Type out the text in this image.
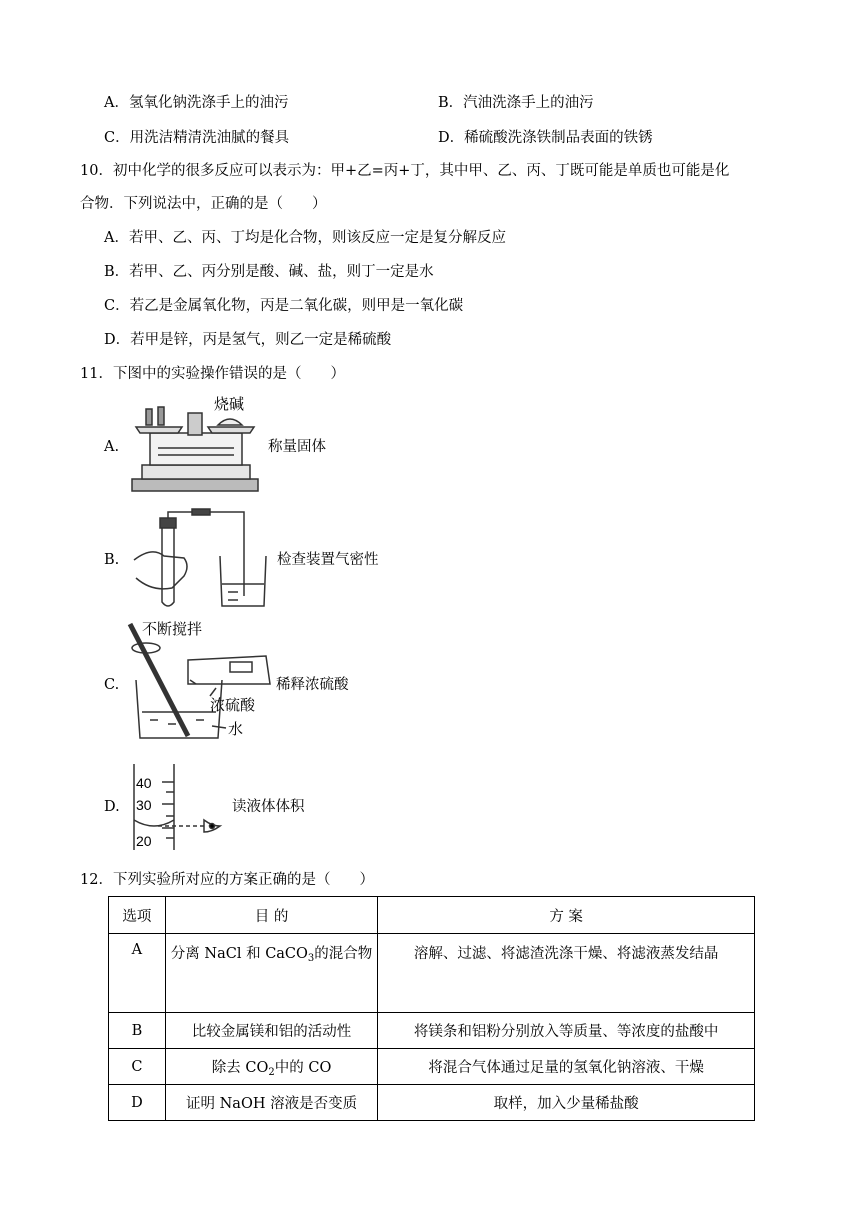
A．氢氧化钠洗涤手上的油污	B．汽油洗涤手上的油污
C．用洗洁精清洗油腻的餐具	D．稀硫酸洗涤铁制品表面的铁锈
10．初中化学的很多反应可以表示为：甲+乙=丙+丁，其中甲、乙、丙、丁既可能是单质也可能是化
合物．下列说法中，正确的是（　　）
A．若甲、乙、丙、丁均是化合物，则该反应一定是复分解反应
B．若甲、乙、丙分别是酸、碱、盐，则丁一定是水
C．若乙是金属氧化物，丙是二氧化碳，则甲是一氧化碳
D．若甲是锌，丙是氢气，则乙一定是稀硫酸
11．下图中的实验操作错误的是（　　）
A.
烧碱
称量固体
B.	检查装置气密性
C.
不断搅拌
浓硫酸
水
稀释浓硫酸
D.
40
30
20
读液体体积
12．下列实验所对应的方案正确的是（　　）
选项	目 的	方 案
A	分离 NaCl 和 CaCO$_3$的混合物	溶解、过滤、将滤渣洗涤干燥、将滤液蒸发结晶
B	比较金属镁和铝的活动性	将镁条和铝粉分别放入等质量、等浓度的盐酸中
C	除去 $CO_2$中的 CO	将混合气体通过足量的氢氧化钠溶液、干燥
D	证明 NaOH 溶液是否变质	取样，加入少量稀盐酸
